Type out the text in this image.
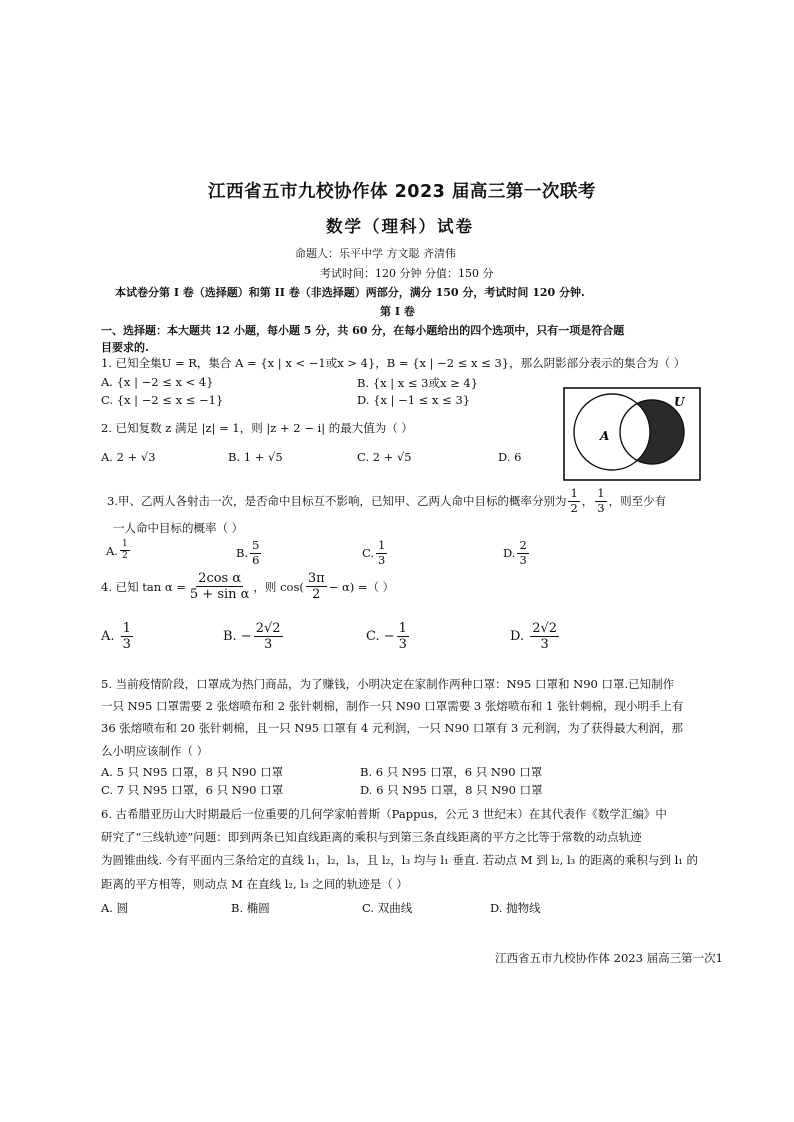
江西省五市九校协作体 2023 届高三第一次联考
数学（理科）试卷
命题人：乐平中学 方文聪 齐清伟
考试时间：120 分钟 分值：150 分
本试卷分第 I 卷（选择题）和第 II 卷（非选择题）两部分，满分 150 分，考试时间 120 分钟.
第 I 卷
一、选择题：本大题共 12 小题，每小题 5 分，共 60 分，在每小题给出的四个选项中，只有一项是符合题
目要求的.
1. 已知全集U = R，集合 A = {x | x < −1或x > 4}，B = {x | −2 ≤ x ≤ 3}，那么阴影部分表示的集合为（ ）
A. {x | −2 ≤ x < 4}	B. {x | x ≤ 3或x ≥ 4}
C. {x | −2 ≤ x ≤ −1}	D. {x | −1 ≤ x ≤ 3}	U
A
2. 已知复数 z 满足 |z| = 1，则 |z + 2 − i| 的最大值为（ ）
A. 2 + √3	B. 1 + √5	C. 2 + √5	D. 6
3.甲、乙两人各射击一次，是否命中目标互不影响，已知甲、乙两人命中目标的概率分别为 $\frac{1}{2}$ ， $\frac{1}{3}$ ，则至少有
一人命中目标的概率（ ）
A. $\frac{1}{2}$	B. $\frac{5}{6}$	C. $\frac{1}{3}$	D. $\frac{2}{3}$
4. 已知 $\tan \alpha = \frac{\text{2cos α}}{\text{5 + sin α}}$ ，则 $\cos( \frac{3\pi}{2} - \alpha)$ =（ ）
A.
$\frac{1}{3}$	B.
− $\frac{2√2}{3}$	C.
− $\frac{1}{3}$	D.
$\frac{2√2}{3}$
5. 当前疫情阶段，口罩成为热门商品，为了赚钱，小明决定在家制作两种口罩：N95 口罩和 N90 口罩.已知制作
一只 N95 口罩需要 2 张熔喷布和 2 张针刺棉，制作一只 N90 口罩需要 3 张熔喷布和 1 张针刺棉，现小明手上有
36 张熔喷布和 20 张针刺棉，且一只 N95 口罩有 4 元利润，一只 N90 口罩有 3 元利润，为了获得最大利润，那
么小明应该制作（ ）
A. 5 只 N95 口罩，8 只 N90 口罩	B. 6 只 N95 口罩，6 只 N90 口罩
C. 7 只 N95 口罩，6 只 N90 口罩	D. 6 只 N95 口罩，8 只 N90 口罩
6. 古希腊亚历山大时期最后一位重要的几何学家帕普斯（Pappus，公元 3 世纪末）在其代表作《数学汇编》中
研究了“三线轨迹”问题：即到两条已知直线距离的乘积与到第三条直线距离的平方之比等于常数的动点轨迹
为圆锥曲线. 今有平面内三条给定的直线 l₁，l₂，l₃，且 l₂，l₃ 均与 l₁ 垂直. 若动点 M 到 l₂, l₃ 的距离的乘积与到 l₁ 的
距离的平方相等，则动点 M 在直线 l₂, l₃ 之间的轨迹是（ ）
A. 圆	B. 椭圆	C. 双曲线	D. 抛物线
江西省五市九校协作体 2023 届高三第一次1
